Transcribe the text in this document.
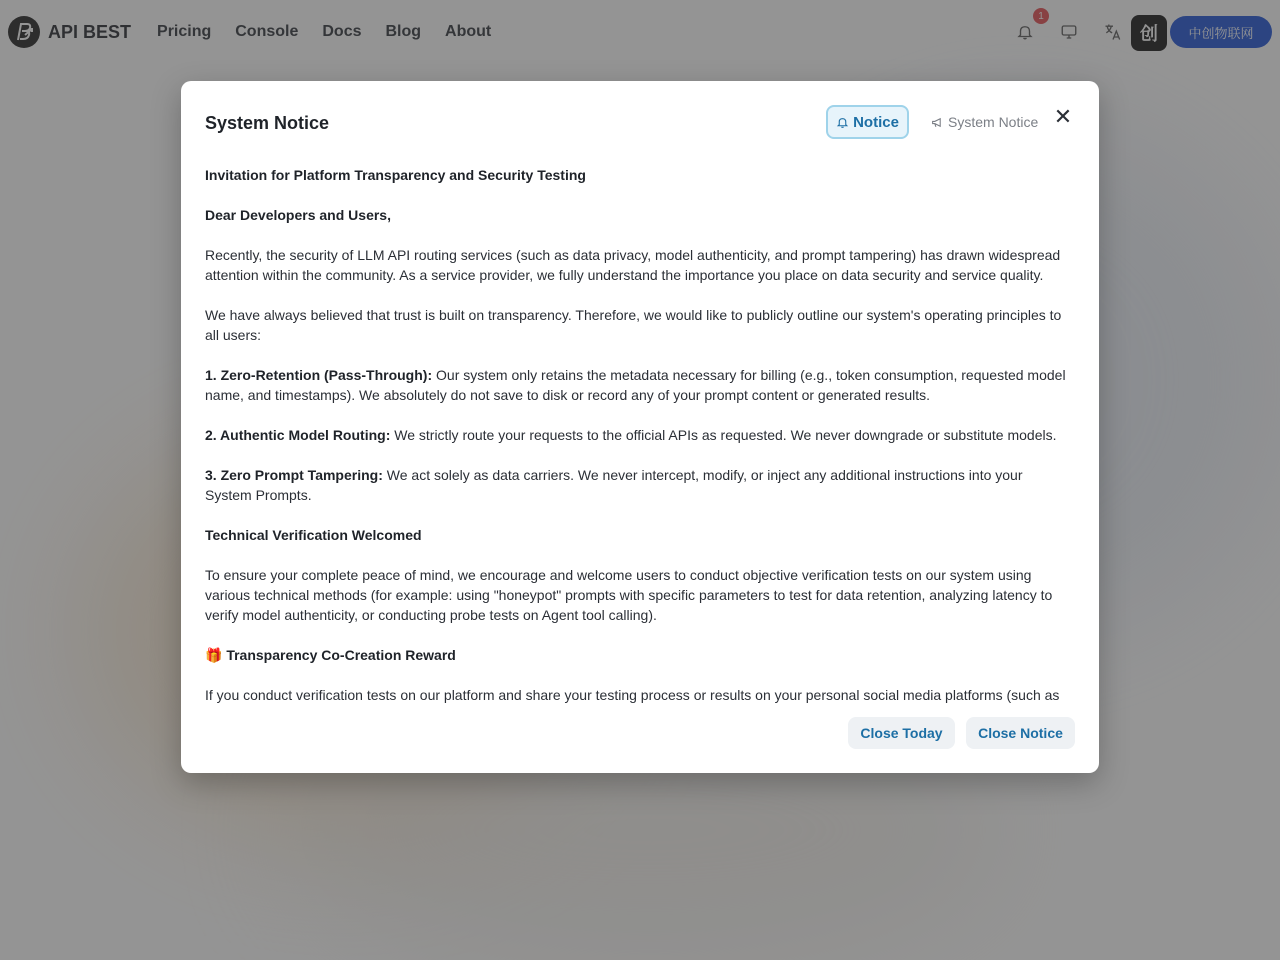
System Notice	Notice	System Notice ✕

Invitation for Platform Transparency and Security Testing

Dear Developers and Users,

Recently, the security of LLM API routing services (such as data privacy, model authenticity, and prompt tampering) has drawn widespread attention within the community. As a service provider, we fully understand the importance you place on data security and service quality.

We have always believed that trust is built on transparency. Therefore, we would like to publicly outline our system's operating principles to all users:

1. Zero-Retention (Pass-Through): Our system only retains the metadata necessary for billing (e.g., token consumption, requested model name, and timestamps). We absolutely do not save to disk or record any of your prompt content or generated results.

2. Authentic Model Routing: We strictly route your requests to the official APIs as requested. We never downgrade or substitute models.

3. Zero Prompt Tampering: We act solely as data carriers. We never intercept, modify, or inject any additional instructions into your System Prompts.

Technical Verification Welcomed

To ensure your complete peace of mind, we encourage and welcome users to conduct objective verification tests on our system using various technical methods (for example: using "honeypot" prompts with specific parameters to test for data retention, analyzing latency to verify model authenticity, or conducting probe tests on Agent tool calling).

🎁 Transparency Co-Creation Reward

If you conduct verification tests on our platform and share your testing process or results on your personal social media platforms (such as

Close Today	Close Notice
